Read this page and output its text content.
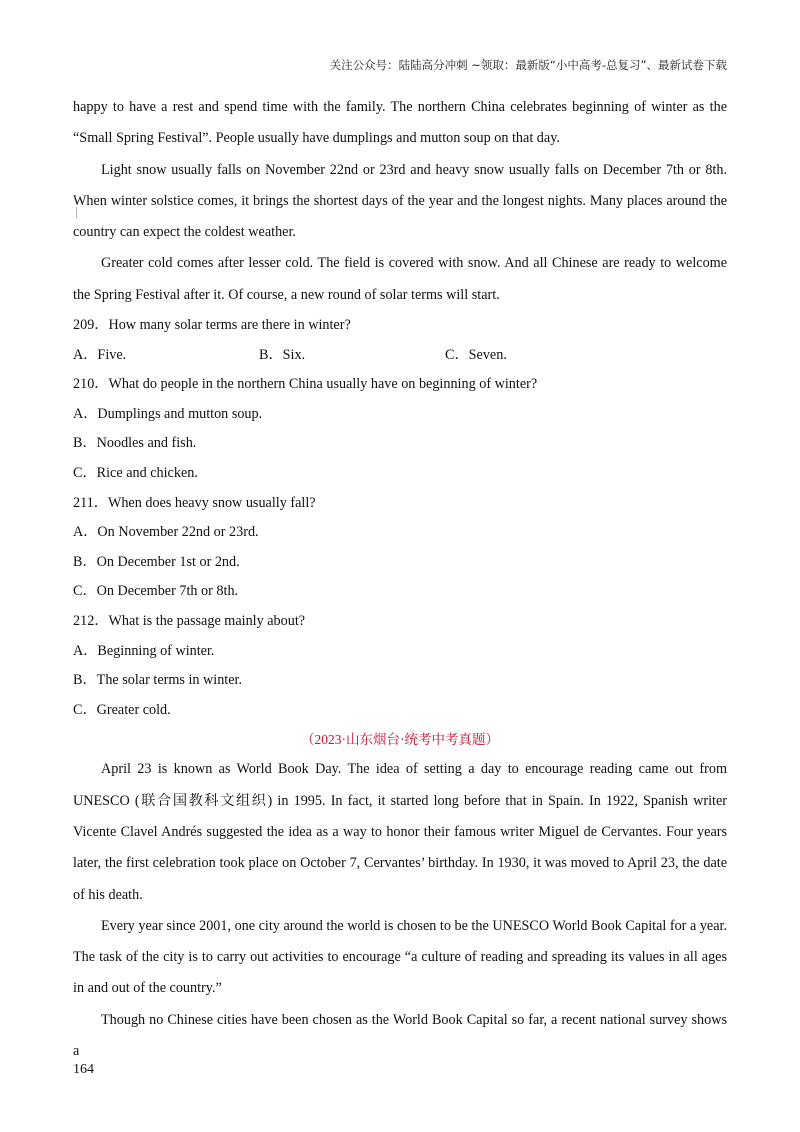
关注公众号：陆陆高分冲刺 ~领取：最新版“小中高考-总复习”、最新试卷下载

happy to have a rest and spend time with the family. The northern China celebrates beginning of winter as the “Small Spring Festival”. People usually have dumplings and mutton soup on that day.

Light snow usually falls on November 22nd or 23rd and heavy snow usually falls on December 7th or 8th. When winter solstice comes, it brings the shortest days of the year and the longest nights. Many places around the country can expect the coldest weather.

Greater cold comes after lesser cold. The field is covered with snow. And all Chinese are ready to welcome the Spring Festival after it. Of course, a new round of solar terms will start.

209．How many solar terms are there in winter?

A．Five.	B．Six.	C．Seven.

210．What do people in the northern China usually have on beginning of winter?

A．Dumplings and mutton soup.

B．Noodles and fish.

C．Rice and chicken.

211．When does heavy snow usually fall?

A．On November 22nd or 23rd.

B．On December 1st or 2nd.

C．On December 7th or 8th.

212．What is the passage mainly about?

A．Beginning of winter.

B．The solar terms in winter.

C．Greater cold.

（2023·山东烟台·统考中考真题）

April 23 is known as World Book Day. The idea of setting a day to encourage reading came out from UNESCO (联合国教科文组织) in 1995. In fact, it started long before that in Spain. In 1922, Spanish writer Vicente Clavel Andrés suggested the idea as a way to honor their famous writer Miguel de Cervantes. Four years later, the first celebration took place on October 7, Cervantes’ birthday. In 1930, it was moved to April 23, the date of his death.

Every year since 2001, one city around the world is chosen to be the UNESCO World Book Capital for a year. The task of the city is to carry out activities to encourage “a culture of reading and spreading its values in all ages in and out of the country.”

Though no Chinese cities have been chosen as the World Book Capital so far, a recent national survey shows a

164
